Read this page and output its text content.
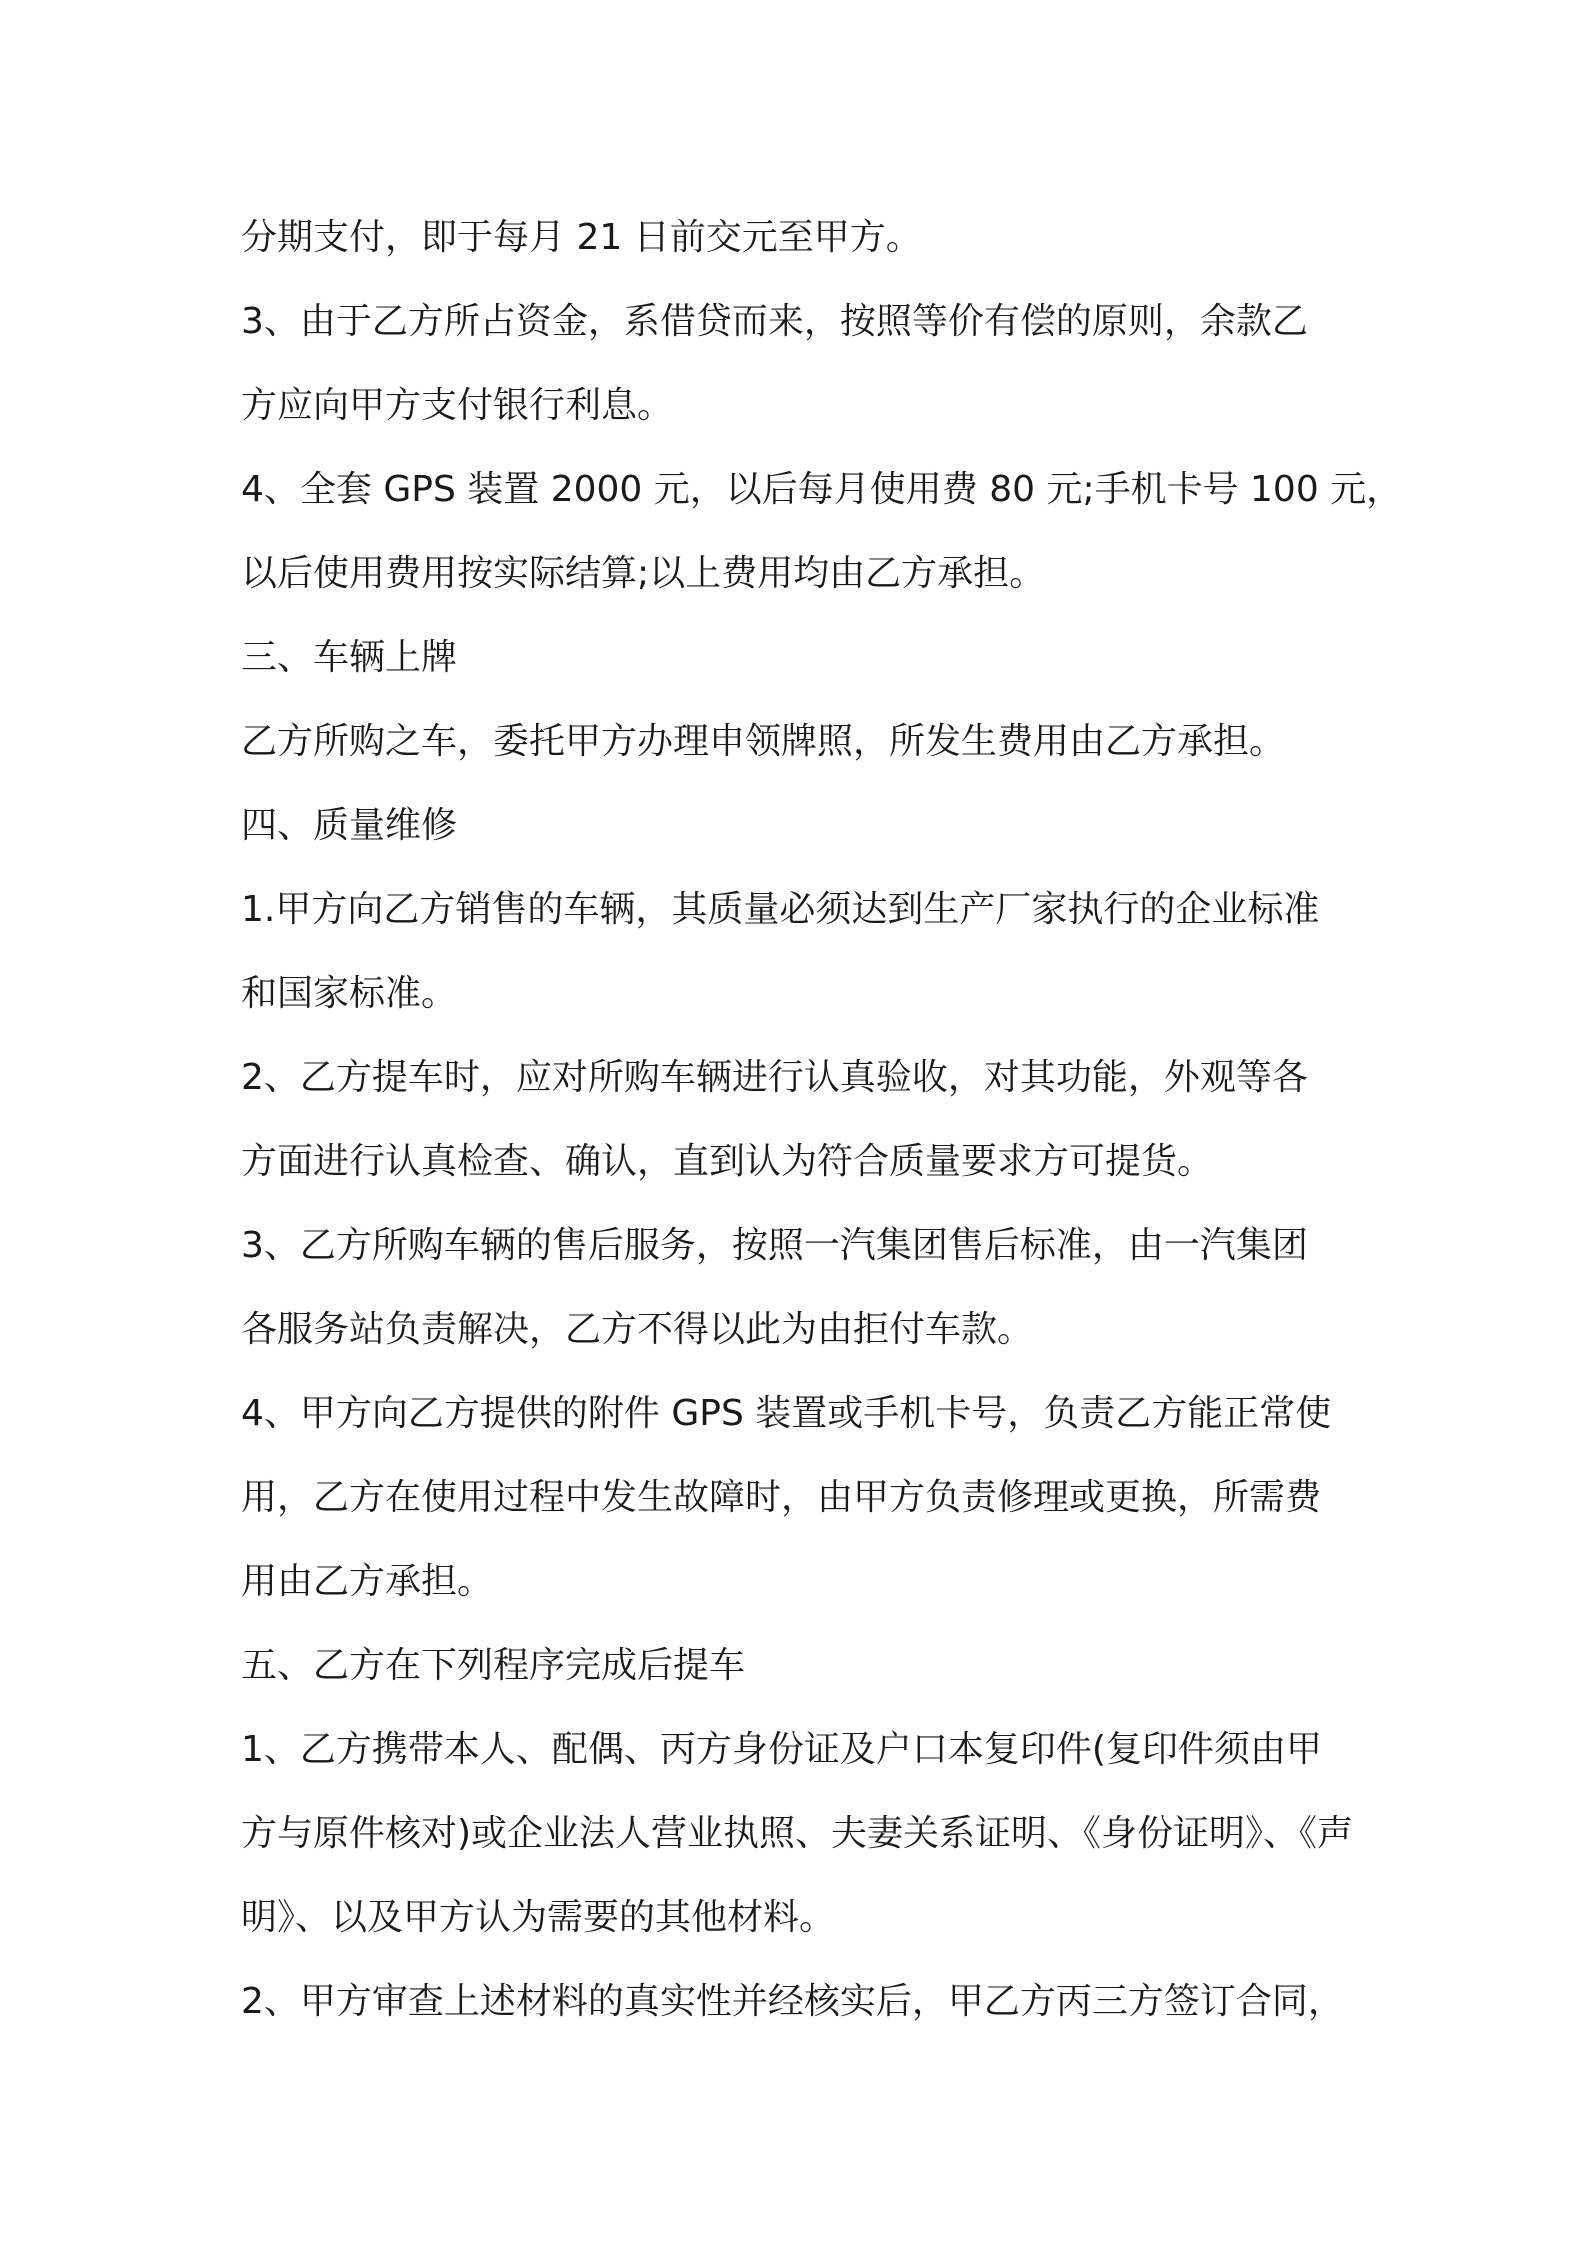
分期支付，即于每月 21 日前交元至甲方。

3、由于乙方所占资金，系借贷而来，按照等价有偿的原则，余款乙

方应向甲方支付银行利息。

4、全套 GPS 装置 2000 元，以后每月使用费 80 元;手机卡号 100 元，

以后使用费用按实际结算;以上费用均由乙方承担。

三、车辆上牌

乙方所购之车，委托甲方办理申领牌照，所发生费用由乙方承担。

四、质量维修

1.甲方向乙方销售的车辆，其质量必须达到生产厂家执行的企业标准

和国家标准。

2、乙方提车时，应对所购车辆进行认真验收，对其功能，外观等各

方面进行认真检查、确认，直到认为符合质量要求方可提货。

3、乙方所购车辆的售后服务，按照一汽集团售后标准，由一汽集团

各服务站负责解决，乙方不得以此为由拒付车款。

4、甲方向乙方提供的附件 GPS 装置或手机卡号，负责乙方能正常使

用，乙方在使用过程中发生故障时，由甲方负责修理或更换，所需费

用由乙方承担。

五、乙方在下列程序完成后提车

1、乙方携带本人、配偶、丙方身份证及户口本复印件(复印件须由甲

方与原件核对)或企业法人营业执照、夫妻关系证明、《身份证明》、《声

明》、以及甲方认为需要的其他材料。

2、甲方审查上述材料的真实性并经核实后，甲乙方丙三方签订合同，
